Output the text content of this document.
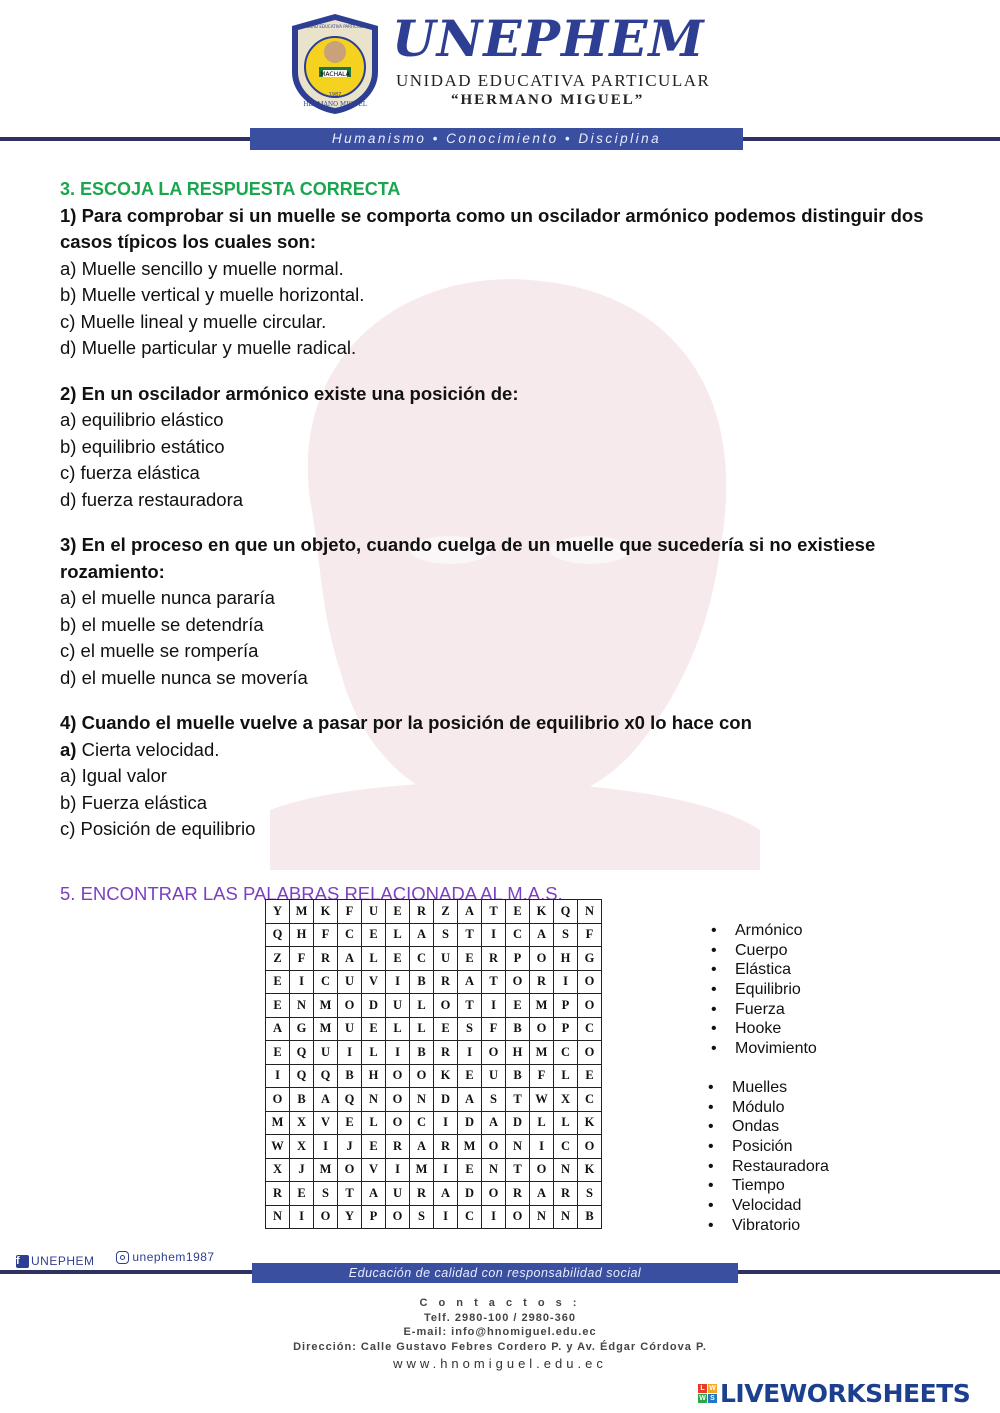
MACHALA
HERMANO MIGUEL
1987
UNIDAD EDUCATIVA PARTICULAR UNEPHEM
UNIDAD EDUCATIVA PARTICULAR
“HERMANO MIGUEL”
Humanismo • Conocimiento • Disciplina
3. ESCOJA LA RESPUESTA CORRECTA
1) Para comprobar si un muelle se comporta como un oscilador armónico podemos distinguir dos casos típicos los cuales son:
a) Muelle sencillo y muelle normal.
b) Muelle vertical y muelle horizontal.
c) Muelle lineal y muelle circular.
d) Muelle particular y muelle radical.
2) En un oscilador armónico existe una posición de:
a) equilibrio elástico
b) equilibrio estático
c) fuerza elástica
d) fuerza restauradora
3) En el proceso en que un objeto, cuando cuelga de un muelle que sucedería si no existiese rozamiento:
a) el muelle nunca pararía
b) el muelle se detendría
c) el muelle se rompería
d) el muelle nunca se movería
4) Cuando el muelle vuelve a pasar por la posición de equilibrio x0 lo hace con
a) Cierta velocidad.
a) Igual valor
b) Fuerza elástica
c) Posición de equilibrio
5. ENCONTRAR LAS PALABRAS RELACIONADA AL M.A.S.
Y	M	K	F	U	E	R	Z	A	T	E	K	Q	N
Q	H	F	C	E	L	A	S	T	I	C	A	S	F
Z	F	R	A	L	E	C	U	E	R	P	O	H	G
E	I	C	U	V	I	B	R	A	T	O	R	I	O
E	N	M	O	D	U	L	O	T	I	E	M	P	O
A	G	M	U	E	L	L	E	S	F	B	O	P	C
E	Q	U	I	L	I	B	R	I	O	H	M	C	O
I	Q	Q	B	H	O	O	K	E	U	B	F	L	E
O	B	A	Q	N	O	N	D	A	S	T	W	X	C
M	X	V	E	L	O	C	I	D	A	D	L	L	K
W	X	I	J	E	R	A	R	M	O	N	I	C	O
X	J	M	O	V	I	M	I	E	N	T	O	N	K
R	E	S	T	A	U	R	A	D	O	R	A	R	S
N	I	O	Y	P	O	S	I	C	I	O	N	N	B
• Armónico
• Cuerpo
• Elástica
• Equilibrio
• Fuerza
• Hooke
• Movimiento
• Muelles
• Módulo
• Ondas
• Posición
• Restauradora
• Tiempo
• Velocidad
• Vibratorio
f UNEPHEM
	unephem1987
Educación de calidad con responsabilidad social
C o n t a c t o s :
Telf. 2980-100 / 2980-360
E-mail: info@hnomiguel.edu.ec
Dirección: Calle Gustavo Febres Cordero P. y Av. Édgar Córdova P.
www.hnomiguel.edu.ec
L W
W S LIVEWORKSHEETS
